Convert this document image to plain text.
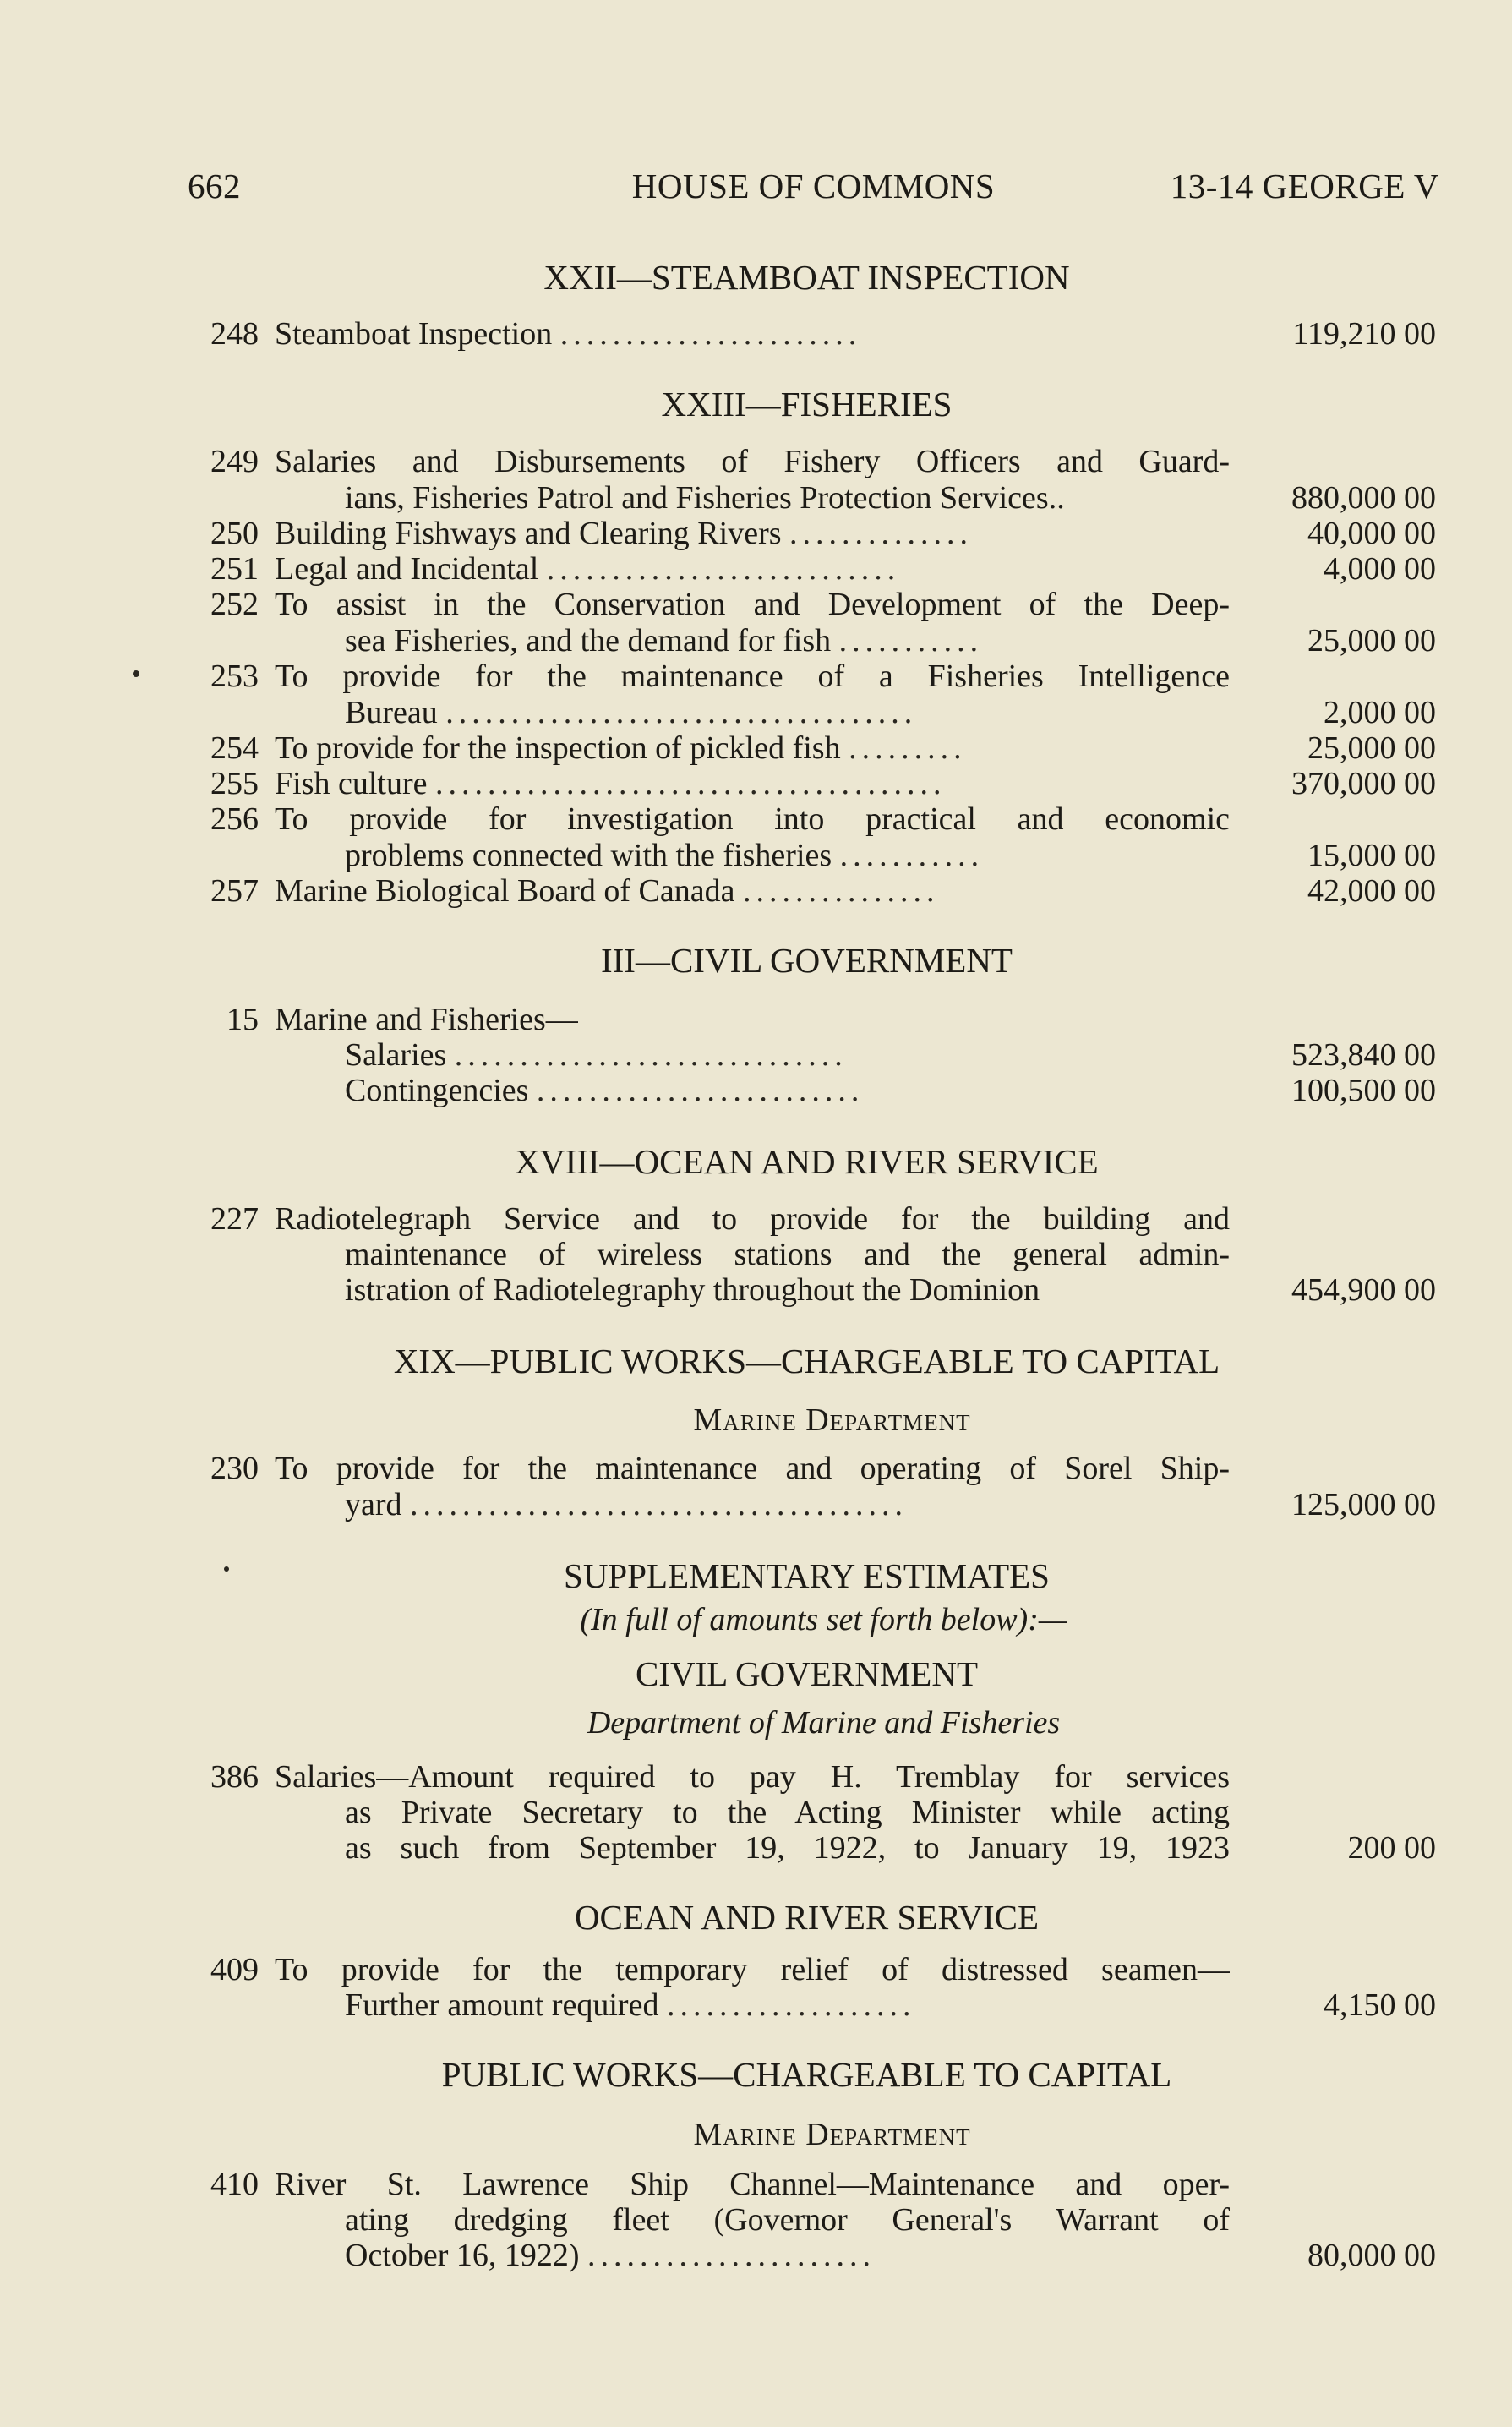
662	HOUSE OF COMMONS	13-14 GEORGE V
XXII—STEAMBOAT INSPECTION
248 Steamboat Inspection .......................	119,210 00
XXIII—FISHERIES
249 Salaries and Disbursements of Fishery Officers and Guard-
ians, Fisheries Patrol and Fisheries Protection Services..	880,000 00
250 Building Fishways and Clearing Rivers ..............	40,000 00
251 Legal and Incidental ...........................	4,000 00
252 To assist in the Conservation and Development of the Deep-
sea Fisheries, and the demand for fish ...........	25,000 00
253 To provide for the maintenance of a Fisheries Intelligence
Bureau ....................................	2,000 00
254 To provide for the inspection of pickled fish .........	25,000 00
255 Fish culture .......................................	370,000 00
256 To provide for investigation into practical and economic
problems connected with the fisheries ...........	15,000 00
257 Marine Biological Board of Canada ...............	42,000 00
III—CIVIL GOVERNMENT
15 Marine and Fisheries—
Salaries ..............................	523,840 00
Contingencies .........................	100,500 00
XVIII—OCEAN AND RIVER SERVICE
227 Radiotelegraph Service and to provide for the building and
maintenance of wireless stations and the general admin-
istration of Radiotelegraphy throughout the Dominion	454,900 00
XIX—PUBLIC WORKS—CHARGEABLE TO CAPITAL
Marine Department
230 To provide for the maintenance and operating of Sorel Ship-
yard ......................................	125,000 00
SUPPLEMENTARY ESTIMATES
(In full of amounts set forth below):—
CIVIL GOVERNMENT
Department of Marine and Fisheries
386 Salaries—Amount required to pay H. Tremblay for services
as Private Secretary to the Acting Minister while acting
as such from September 19, 1922, to January 19, 1923	200 00
OCEAN AND RIVER SERVICE
409 To provide for the temporary relief of distressed seamen—
Further amount required ...................	4,150 00
PUBLIC WORKS—CHARGEABLE TO CAPITAL
Marine Department
410 River St. Lawrence Ship Channel—Maintenance and oper-
ating dredging fleet (Governor General's Warrant of
October 16, 1922) ......................	80,000 00
